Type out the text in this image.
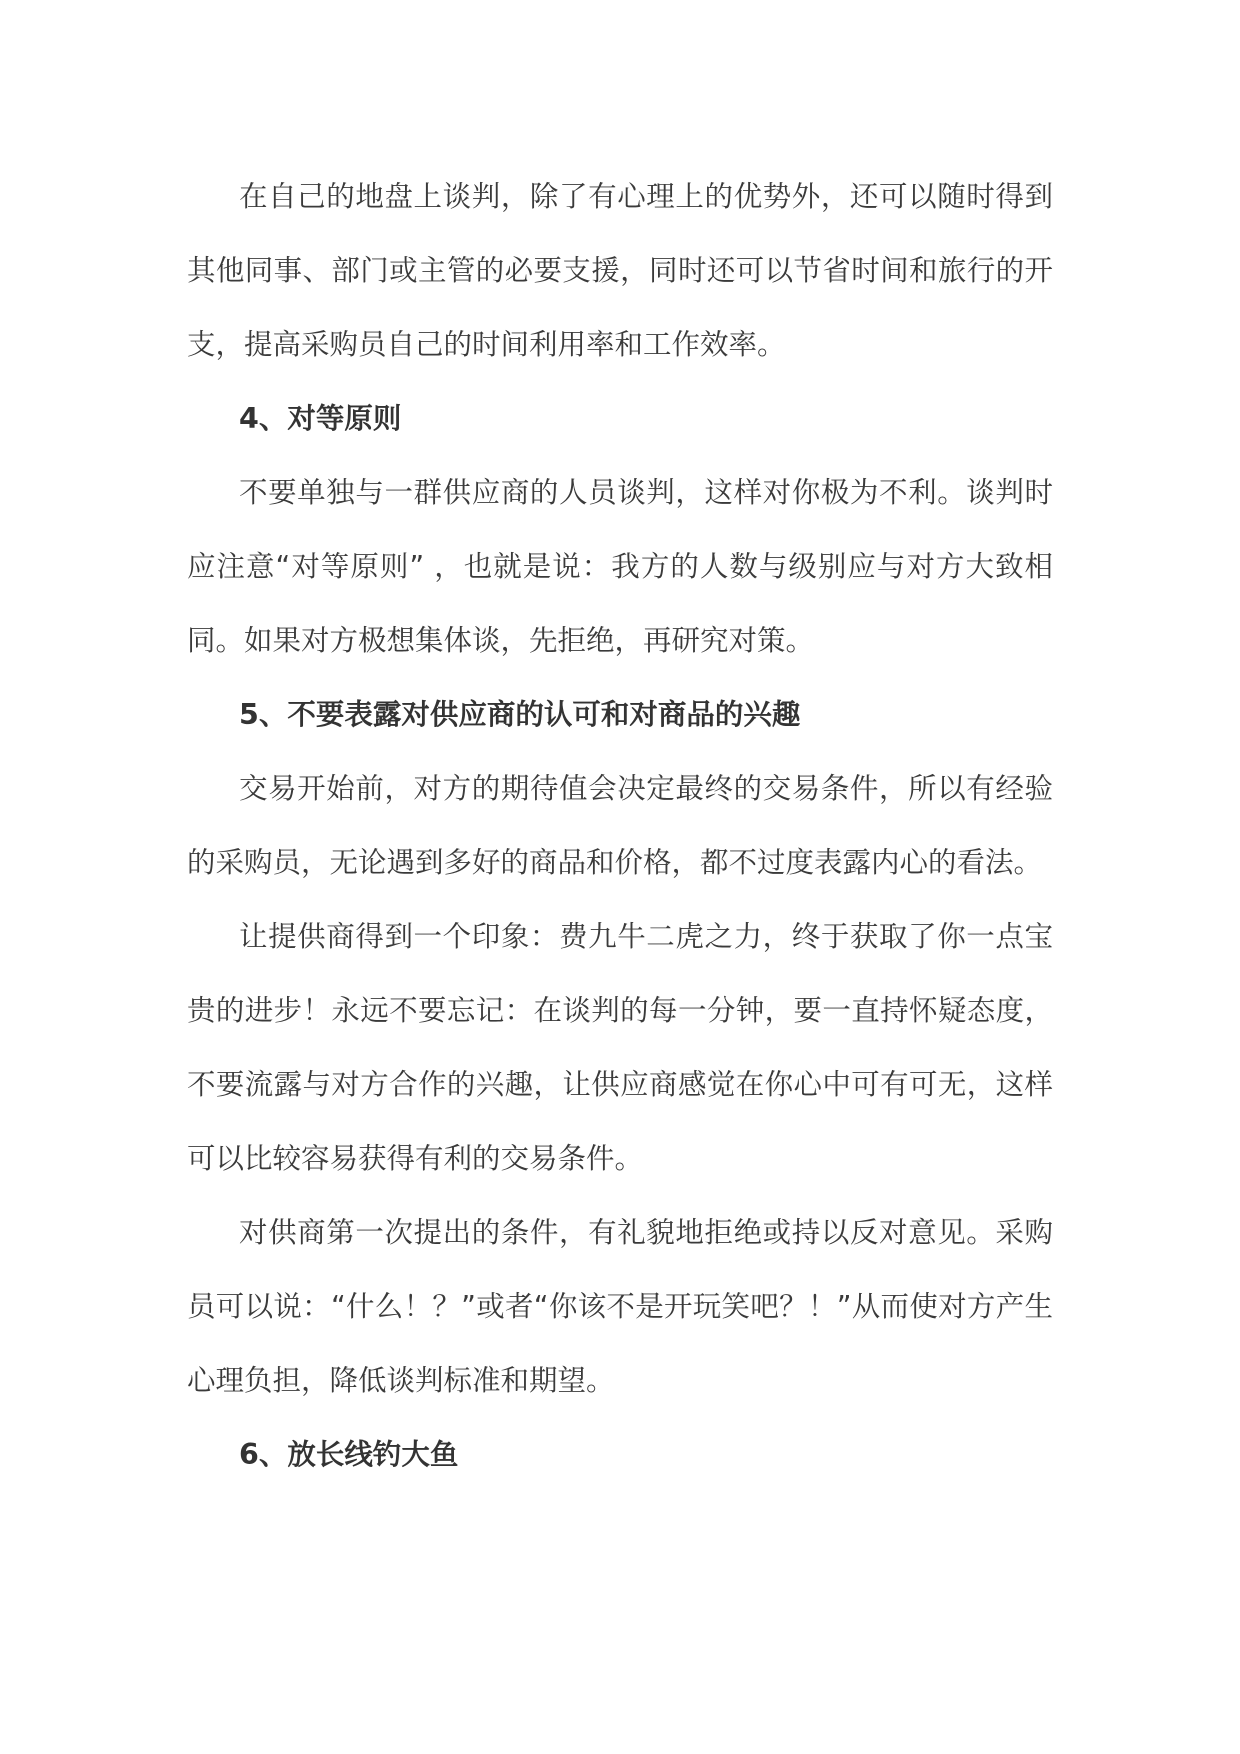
在自己的地盘上谈判，除了有心理上的优势外，还可以随时得到其他同事、部门或主管的必要支援，同时还可以节省时间和旅行的开支，提高采购员自己的时间利用率和工作效率。

4、对等原则

不要单独与一群供应商的人员谈判，这样对你极为不利。谈判时应注意“对等原则” ，也就是说：我方的人数与级别应与对方大致相同。如果对方极想集体谈，先拒绝，再研究对策。

5、不要表露对供应商的认可和对商品的兴趣

交易开始前，对方的期待值会决定最终的交易条件，所以有经验的采购员，无论遇到多好的商品和价格，都不过度表露内心的看法。

让提供商得到一个印象：费九牛二虎之力，终于获取了你一点宝贵的进步！永远不要忘记：在谈判的每一分钟，要一直持怀疑态度，不要流露与对方合作的兴趣，让供应商感觉在你心中可有可无，这样可以比较容易获得有利的交易条件。

对供商第一次提出的条件，有礼貌地拒绝或持以反对意见。采购员可以说：“什么！？”或者“你该不是开玩笑吧？！”从而使对方产生心理负担，降低谈判标准和期望。

6、放长线钓大鱼
